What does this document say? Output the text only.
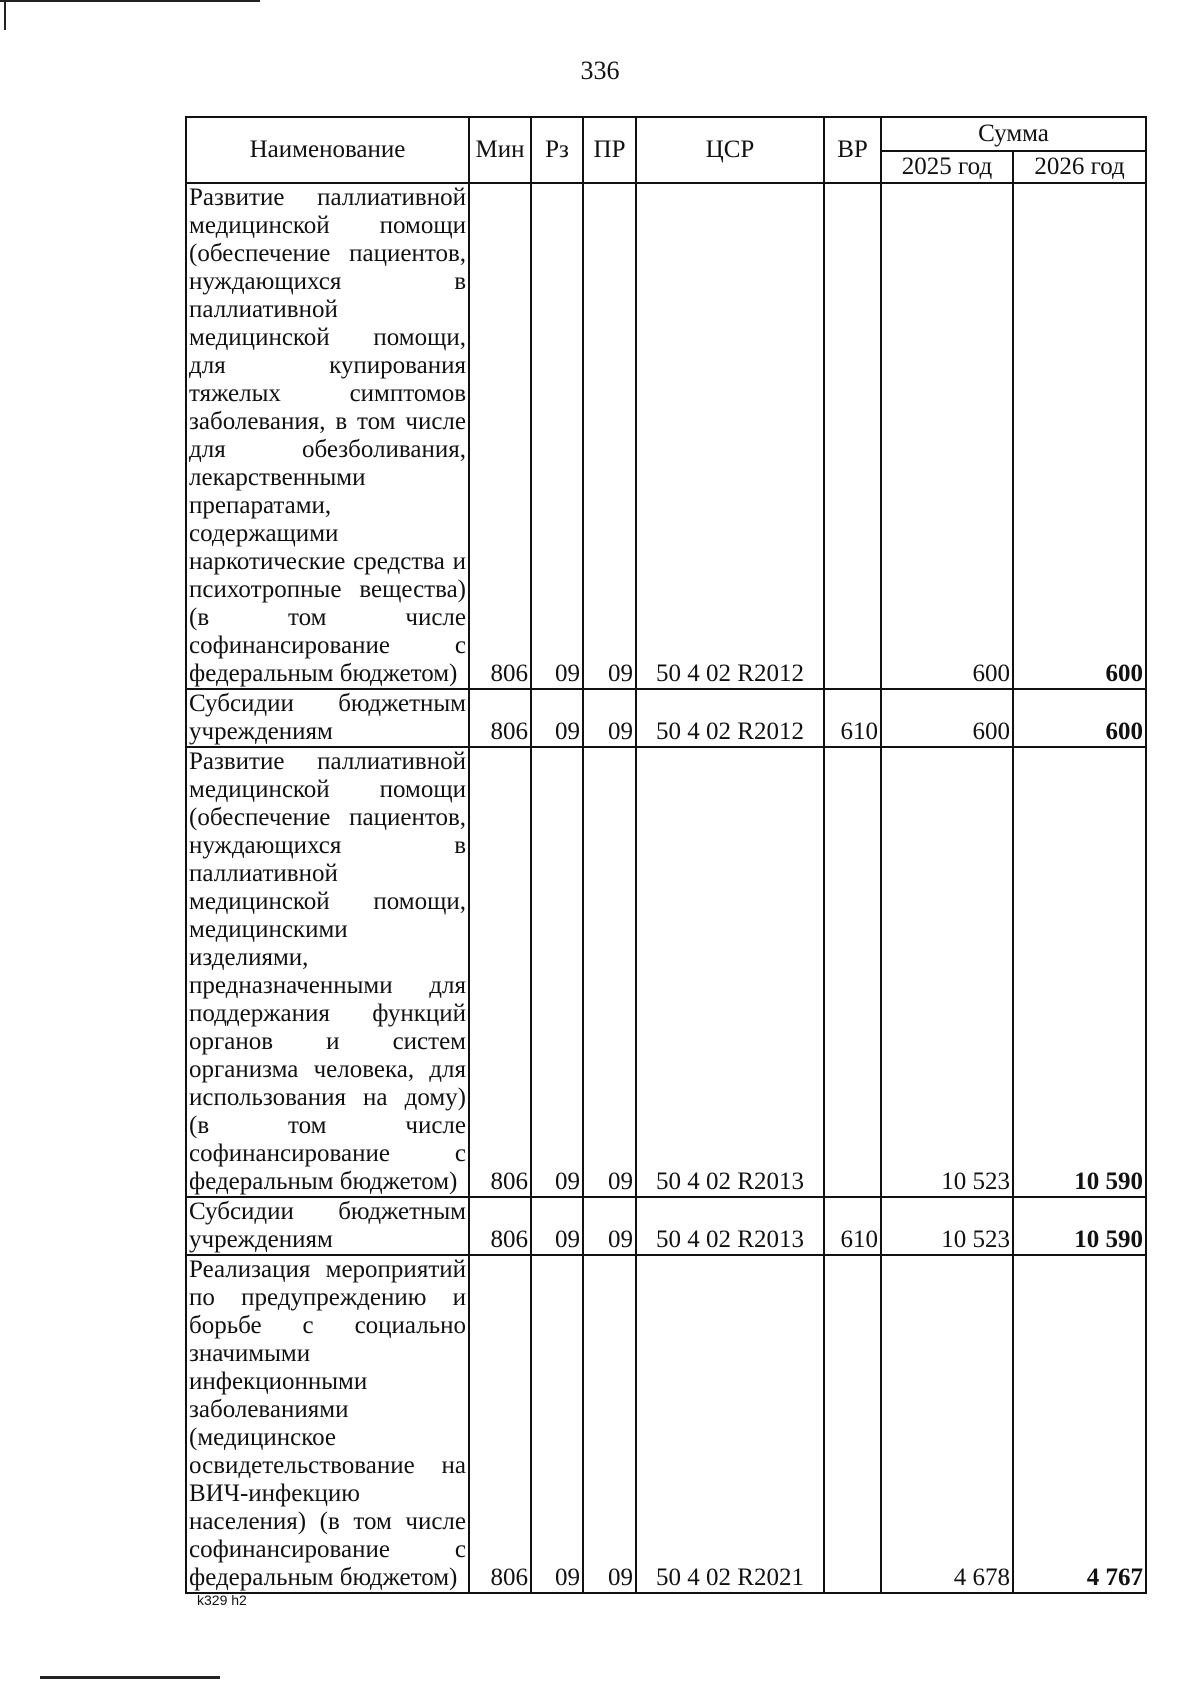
336
Наименование	Мин	Рз	ПР	ЦСР	ВР	Сумма	
						2025 год	2026 год
Развитие паллиативной медицинской помощи (обеспечение пациентов, нуждающихся в паллиативной медицинской помощи, для купирования тяжелых симптомов заболевания, в том числе для обезболивания, лекарственными препаратами, содержащими наркотические средства и психотропные вещества) (в том числе софинансирование с федеральным бюджетом)	806	09	09	50 4 02 R2012		600	600
Субсидии бюджетным учреждениям	806	09	09	50 4 02 R2012	610	600	600
Развитие паллиативной медицинской помощи (обеспечение пациентов, нуждающихся в паллиативной медицинской помощи, медицинскими изделиями, предназначенными для поддержания функций органов и систем организма человека, для использования на дому) (в том числе софинансирование с федеральным бюджетом)	806	09	09	50 4 02 R2013		10 523	10 590
Субсидии бюджетным учреждениям	806	09	09	50 4 02 R2013	610	10 523	10 590
Реализация мероприятий по предупреждению и борьбе с социально значимыми инфекционными заболеваниями (медицинское освидетельствование на ВИЧ-инфекцию населения) (в том числе софинансирование с федеральным бюджетом)	806	09	09	50 4 02 R2021		4 678	4 767
k329 h2
